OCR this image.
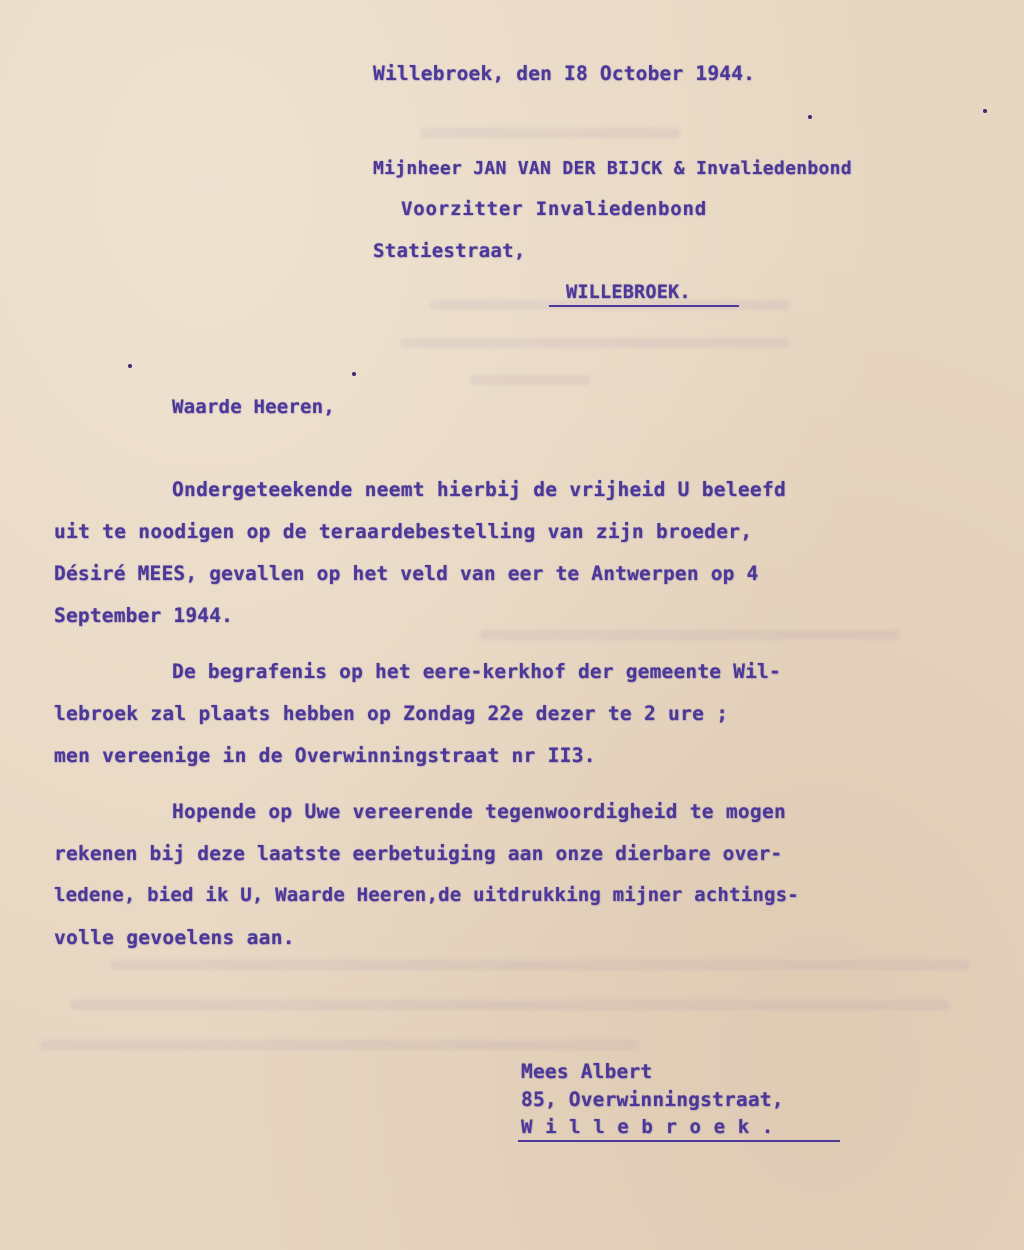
Willebroek, den I8 October 1944.
Mijnheer JAN VAN DER BIJCK & Invaliedenbond
Voorzitter Invaliedenbond
Statiestraat,
WILLEBROEK.
Waarde Heeren,
Ondergeteekende neemt hierbij de vrijheid U beleefd
uit te noodigen op de teraardebestelling van zijn broeder,
Désiré MEES, gevallen op het veld van eer te Antwerpen op 4
September 1944.
De begrafenis op het eere-kerkhof der gemeente Wil-
lebroek zal plaats hebben op Zondag 22e dezer te 2 ure ;
men vereenige in de Overwinningstraat nr II3.
Hopende op Uwe vereerende tegenwoordigheid te mogen
rekenen bij deze laatste eerbetuiging aan onze dierbare over-
ledene, bied ik U, Waarde Heeren,de uitdrukking mijner achtings-
volle gevoelens aan.
Mees Albert
85, Overwinningstraat,
W i l l e b r o e k .
